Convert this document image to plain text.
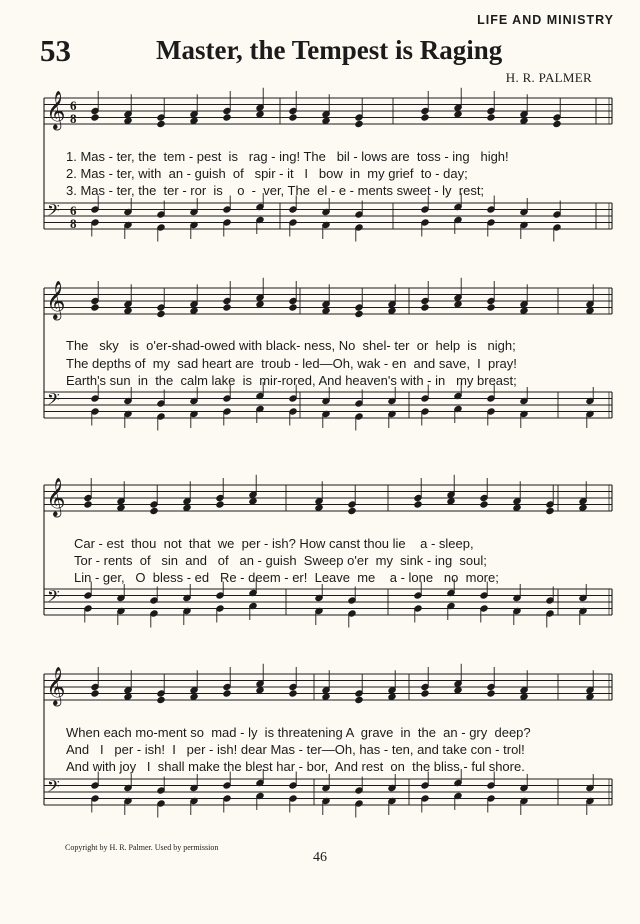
LIFE AND MINISTRY
53	Master, the Tempest is Raging
H. R. PALMER
𝄞
𝄢
6
8
6
8
𝄞
𝄢
𝄞
𝄢
𝄞
𝄢
1. Mas - ter, the  tem - pest  is   rag - ing! The   bil - lows are  toss - ing   high!
2. Mas - ter, with  an - guish  of   spir - it   I   bow  in  my grief  to - day;
3. Mas - ter, the  ter - ror  is    o  -  ver, The  el - e - ments sweet - ly  rest;
The   sky   is  o'er-shad-owed with black- ness, No  shel- ter  or  help  is   nigh;
The depths of  my  sad heart are  troub - led—Oh, wak - en  and save,  I  pray!
Earth's sun  in  the  calm lake  is  mir-rored, And heaven's with - in   my breast;
Car - est  thou  not  that  we  per - ish? How canst thou lie    a - sleep,
Tor - rents  of   sin  and   of   an - guish  Sweep o'er  my  sink - ing  soul;
Lin - ger,   O  bless - ed   Re - deem - er!  Leave  me    a - lone   no  more;
When each mo-ment so  mad - ly  is threatening A  grave  in  the  an - gry  deep?
And   I   per - ish!  I   per - ish! dear Mas - ter—Oh, has - ten, and take con - trol!
And with joy   I  shall make the blest har - bor,  And rest  on  the bliss - ful shore.
Copyright by H. R. Palmer. Used by permission
46
